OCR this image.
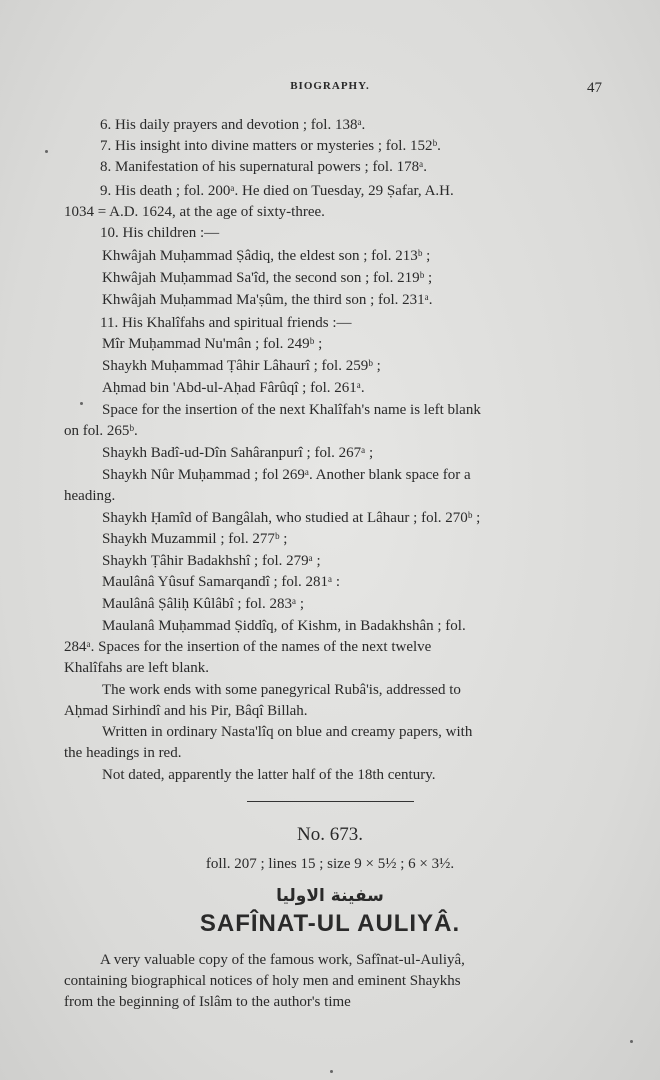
BIOGRAPHY.	47
6. His daily prayers and devotion ; fol. 138ᵃ.
7. His insight into divine matters or mysteries ; fol. 152ᵇ.
8. Manifestation of his supernatural powers ; fol. 178ᵃ.
9. His death ; fol. 200ᵃ. He died on Tuesday, 29 Ṣafar, A.H.
1034 = A.D. 1624, at the age of sixty-three.
10. His children :—
Khwâjah Muḥammad Ṣâdiq, the eldest son ; fol. 213ᵇ ;
Khwâjah Muḥammad Sa'îd, the second son ; fol. 219ᵇ ;
Khwâjah Muḥammad Ma'ṣûm, the third son ; fol. 231ᵃ.
11. His Khalîfahs and spiritual friends :—
Mîr Muḥammad Nu'mân ; fol. 249ᵇ ;
Shaykh Muḥammad Ṭâhir Lâhaurî ; fol. 259ᵇ ;
Aḥmad bin 'Abd-ul-Aḥad Fârûqî ; fol. 261ᵃ.
Space for the insertion of the next Khalîfah's name is left blank
on fol. 265ᵇ.
Shaykh Badî-ud-Dîn Sahâranpurî ; fol. 267ᵃ ;
Shaykh Nûr Muḥammad ; fol 269ᵃ. Another blank space for a
heading.
Shaykh Ḥamîd of Bangâlah, who studied at Lâhaur ; fol. 270ᵇ ;
Shaykh Muzammil ; fol. 277ᵇ ;
Shaykh Ṭâhir Badakhshî ; fol. 279ᵃ ;
Maulânâ Yûsuf Samarqandî ; fol. 281ᵃ :
Maulânâ Ṣâliḥ Kûlâbî ; fol. 283ᵃ ;
Maulanâ Muḥammad Ṣiddîq, of Kishm, in Badakhshân ; fol.
284ᵃ. Spaces for the insertion of the names of the next twelve
Khalîfahs are left blank.
The work ends with some panegyrical Rubâ'is, addressed to
Aḥmad Sirhindî and his Pir, Bâqî Billah.
Written in ordinary Nasta'lîq on blue and creamy papers, with
the headings in red.
Not dated, apparently the latter half of the 18th century.
No. 673.
foll. 207 ; lines 15 ; size 9 × 5½ ; 6 × 3½.
سفينة الاوليا
SAFÎNAT-UL AULIYÂ.
A very valuable copy of the famous work, Safînat-ul-Auliyâ,
containing biographical notices of holy men and eminent Shaykhs
from the beginning of Islâm to the author's time
